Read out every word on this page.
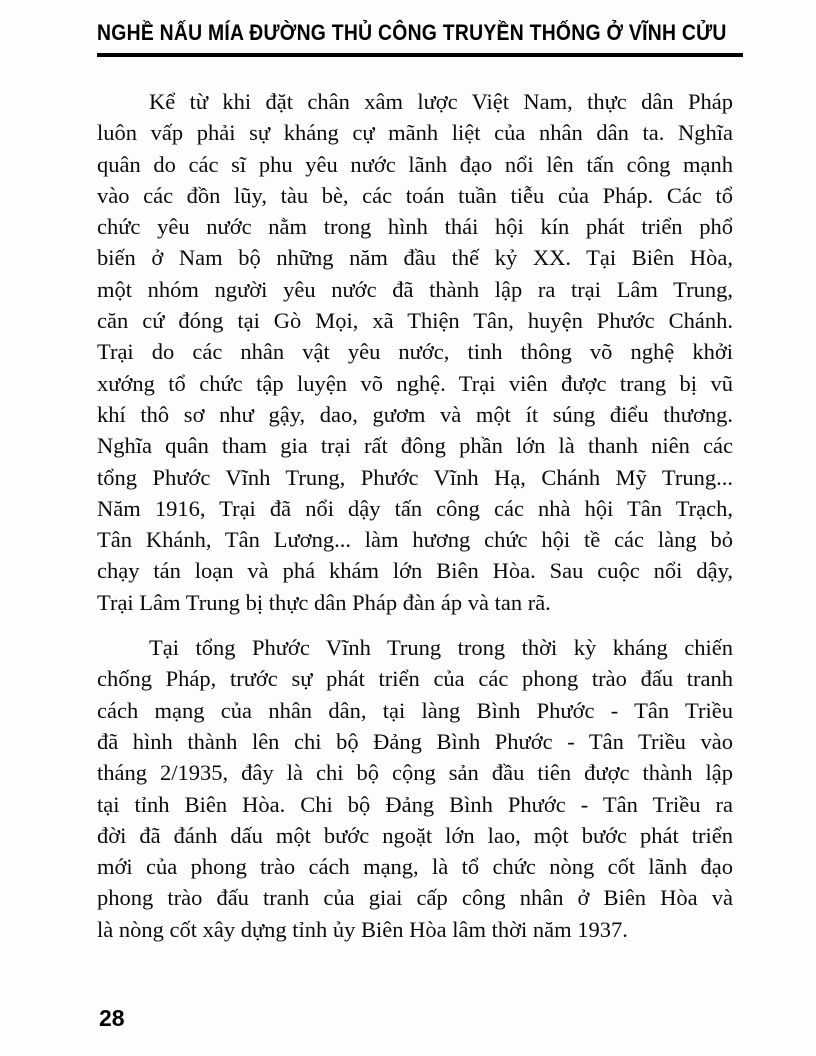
NGHỀ NẤU MÍA ĐƯỜNG THỦ CÔNG TRUYỀN THỐNG Ở VĨNH CỬU
Kể từ khi đặt chân xâm lược Việt Nam, thực dân Pháp
luôn vấp phải sự kháng cự mãnh liệt của nhân dân ta. Nghĩa
quân do các sĩ phu yêu nước lãnh đạo nổi lên tấn công mạnh
vào các đồn lũy, tàu bè, các toán tuần tiễu của Pháp. Các tổ
chức yêu nước nằm trong hình thái hội kín phát triển phổ
biến ở Nam bộ những năm đầu thế kỷ XX. Tại Biên Hòa,
một nhóm người yêu nước đã thành lập ra trại Lâm Trung,
căn cứ đóng tại Gò Mọi, xã Thiện Tân, huyện Phước Chánh.
Trại do các nhân vật yêu nước, tinh thông võ nghệ khởi
xướng tổ chức tập luyện võ nghệ. Trại viên được trang bị vũ
khí thô sơ như gậy, dao, gươm và một ít súng điểu thương.
Nghĩa quân tham gia trại rất đông phần lớn là thanh niên các
tổng Phước Vĩnh Trung, Phước Vĩnh Hạ, Chánh Mỹ Trung...
Năm 1916, Trại đã nổi dậy tấn công các nhà hội Tân Trạch,
Tân Khánh, Tân Lương... làm hương chức hội tề các làng bỏ
chạy tán loạn và phá khám lớn Biên Hòa. Sau cuộc nổi dậy,
Trại Lâm Trung bị thực dân Pháp đàn áp và tan rã.
Tại tổng Phước Vĩnh Trung trong thời kỳ kháng chiến
chống Pháp, trước sự phát triển của các phong trào đấu tranh
cách mạng của nhân dân, tại làng Bình Phước - Tân Triều
đã hình thành lên chi bộ Đảng Bình Phước - Tân Triều vào
tháng 2/1935, đây là chi bộ cộng sản đầu tiên được thành lập
tại tỉnh Biên Hòa. Chi bộ Đảng Bình Phước - Tân Triều ra
đời đã đánh dấu một bước ngoặt lớn lao, một bước phát triển
mới của phong trào cách mạng, là tổ chức nòng cốt lãnh đạo
phong trào đấu tranh của giai cấp công nhân ở Biên Hòa và
là nòng cốt xây dựng tỉnh ủy Biên Hòa lâm thời năm 1937.
28
